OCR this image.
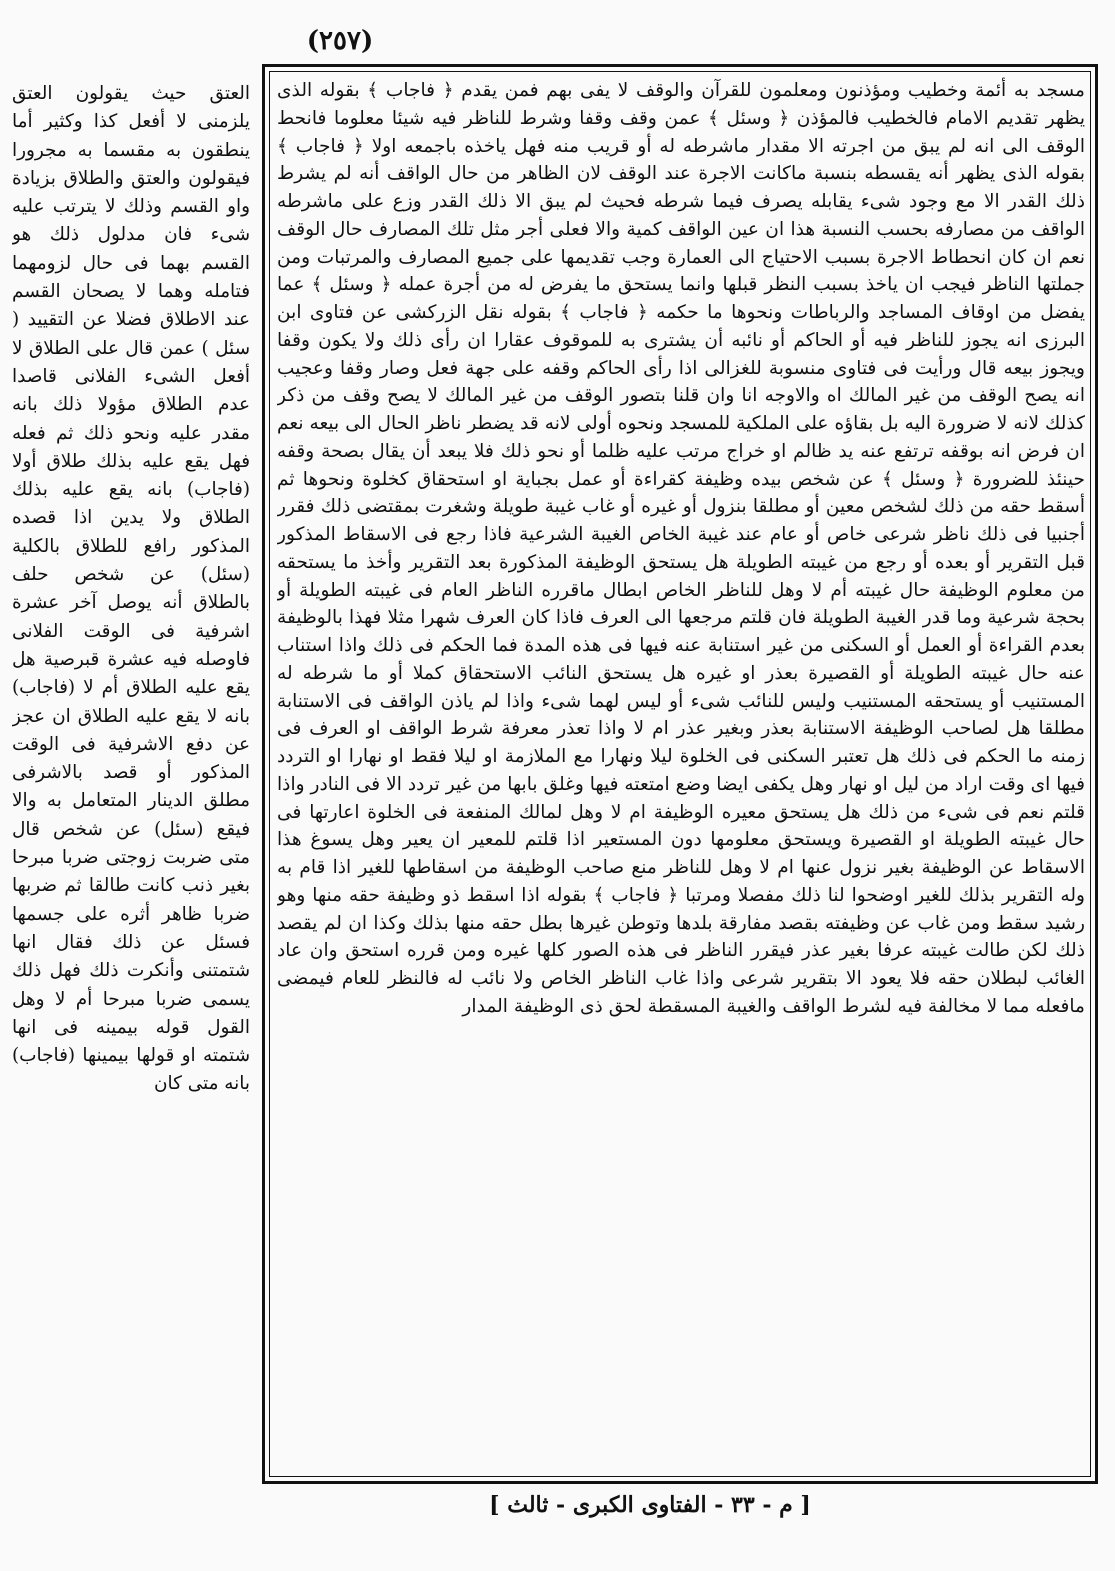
(٢٥٧)
مسجد به أئمة وخطيب ومؤذنون ومعلمون للقرآن والوقف لا يفى بهم فمن يقدم ﴿ فاجاب ﴾ بقوله الذى يظهر تقديم الامام فالخطيب فالمؤذن ﴿ وسئل ﴾ عمن وقف وقفا وشرط للناظر فيه شيئا معلوما فانحط الوقف الى انه لم يبق من اجرته الا مقدار ماشرطه له أو قريب منه فهل ياخذه باجمعه اولا ﴿ فاجاب ﴾ بقوله الذى يظهر أنه يقسطه بنسبة ماكانت الاجرة عند الوقف لان الظاهر من حال الواقف أنه لم يشرط ذلك القدر الا مع وجود شىء يقابله يصرف فيما شرطه فحيث لم يبق الا ذلك القدر وزع على ماشرطه الواقف من مصارفه بحسب النسبة هذا ان عين الواقف كمية والا فعلى أجر مثل تلك المصارف حال الوقف نعم ان كان انحطاط الاجرة بسبب الاحتياج الى العمارة وجب تقديمها على جميع المصارف والمرتبات ومن جملتها الناظر فيجب ان ياخذ بسبب النظر قبلها وانما يستحق ما يفرض له من أجرة عمله ﴿ وسئل ﴾ عما يفضل من اوقاف المساجد والرباطات ونحوها ما حكمه ﴿ فاجاب ﴾ بقوله نقل الزركشى عن فتاوى ابن البرزى انه يجوز للناظر فيه أو الحاكم أو نائبه أن يشترى به للموقوف عقارا ان رأى ذلك ولا يكون وقفا ويجوز بيعه قال ورأيت فى فتاوى منسوبة للغزالى اذا رأى الحاكم وقفه على جهة فعل وصار وقفا وعجيب انه يصح الوقف من غير المالك اه والاوجه انا وان قلنا بتصور الوقف من غير المالك لا يصح وقف من ذكر كذلك لانه لا ضرورة اليه بل بقاؤه على الملكية للمسجد ونحوه أولى لانه قد يضطر ناظر الحال الى بيعه نعم ان فرض انه بوقفه ترتفع عنه يد ظالم او خراج مرتب عليه ظلما أو نحو ذلك فلا يبعد أن يقال بصحة وقفه حينئذ للضرورة ﴿ وسئل ﴾ عن شخص بيده وظيفة كقراءة أو عمل بجباية او استحقاق كخلوة ونحوها ثم أسقط حقه من ذلك لشخص معين أو مطلقا بنزول أو غيره أو غاب غيبة طويلة وشغرت بمقتضى ذلك فقرر أجنبيا فى ذلك ناظر شرعى خاص أو عام عند غيبة الخاص الغيبة الشرعية فاذا رجع فى الاسقاط المذكور قبل التقرير أو بعده أو رجع من غيبته الطويلة هل يستحق الوظيفة المذكورة بعد التقرير وأخذ ما يستحقه من معلوم الوظيفة حال غيبته أم لا وهل للناظر الخاص ابطال ماقرره الناظر العام فى غيبته الطويلة أو بحجة شرعية وما قدر الغيبة الطويلة فان قلتم مرجعها الى العرف فاذا كان العرف شهرا مثلا فهذا بالوظيفة بعدم القراءة أو العمل أو السكنى من غير استنابة عنه فيها فى هذه المدة فما الحكم فى ذلك واذا استناب عنه حال غيبته الطويلة أو القصيرة بعذر او غيره هل يستحق النائب الاستحقاق كملا أو ما شرطه له المستنيب أو يستحقه المستنيب وليس للنائب شىء أو ليس لهما شىء واذا لم ياذن الواقف فى الاستنابة مطلقا هل لصاحب الوظيفة الاستنابة بعذر وبغير عذر ام لا واذا تعذر معرفة شرط الواقف او العرف فى زمنه ما الحكم فى ذلك هل تعتبر السكنى فى الخلوة ليلا ونهارا مع الملازمة او ليلا فقط او نهارا او التردد فيها اى وقت اراد من ليل او نهار وهل يكفى ايضا وضع امتعته فيها وغلق بابها من غير تردد الا فى النادر واذا قلتم نعم فى شىء من ذلك هل يستحق معيره الوظيفة ام لا وهل لمالك المنفعة فى الخلوة اعارتها فى حال غيبته الطويلة او القصيرة ويستحق معلومها دون المستعير اذا قلتم للمعير ان يعير وهل يسوغ هذا الاسقاط عن الوظيفة بغير نزول عنها ام لا وهل للناظر منع صاحب الوظيفة من اسقاطها للغير اذا قام به وله التقرير بذلك للغير اوضحوا لنا ذلك مفصلا ومرتبا ﴿ فاجاب ﴾ بقوله اذا اسقط ذو وظيفة حقه منها وهو رشيد سقط ومن غاب عن وظيفته بقصد مفارقة بلدها وتوطن غيرها بطل حقه منها بذلك وكذا ان لم يقصد ذلك لكن طالت غيبته عرفا بغير عذر فيقرر الناظر فى هذه الصور كلها غيره ومن قرره استحق وان عاد الغائب لبطلان حقه فلا يعود الا بتقرير شرعى واذا غاب الناظر الخاص ولا نائب له فالنظر للعام فيمضى مافعله مما لا مخالفة فيه لشرط الواقف والغيبة المسقطة لحق ذى الوظيفة المدار
العتق حيث يقولون العتق يلزمنى لا أفعل كذا وكثير أما ينطقون به مقسما به مجرورا فيقولون والعتق والطلاق بزيادة واو القسم وذلك لا يترتب عليه شىء فان مدلول ذلك هو القسم بهما فى حال لزومهما فتامله وهما لا يصحان القسم عند الاطلاق فضلا عن التقييد ( سئل ) عمن قال على الطلاق لا أفعل الشىء الفلانى قاصدا عدم الطلاق مؤولا ذلك بانه مقدر عليه ونحو ذلك ثم فعله فهل يقع عليه بذلك طلاق أولا (فاجاب) بانه يقع عليه بذلك الطلاق ولا يدين اذا قصده المذكور رافع للطلاق بالكلية (سئل) عن شخص حلف بالطلاق أنه يوصل آخر عشرة اشرفية فى الوقت الفلانى فاوصله فيه عشرة قبرصية هل يقع عليه الطلاق أم لا (فاجاب) بانه لا يقع عليه الطلاق ان عجز عن دفع الاشرفية فى الوقت المذكور أو قصد بالاشرفى مطلق الدينار المتعامل به والا فيقع (سئل) عن شخص قال متى ضربت زوجتى ضربا مبرحا بغير ذنب كانت طالقا ثم ضربها ضربا ظاهر أثره على جسمها فسئل عن ذلك فقال انها شتمتنى وأنكرت ذلك فهل ذلك يسمى ضربا مبرحا أم لا وهل القول قوله بيمينه فى انها شتمته او قولها بيمينها (فاجاب) بانه متى كان
[ م - ٣٣ - الفتاوى الكبرى - ثالث ]
